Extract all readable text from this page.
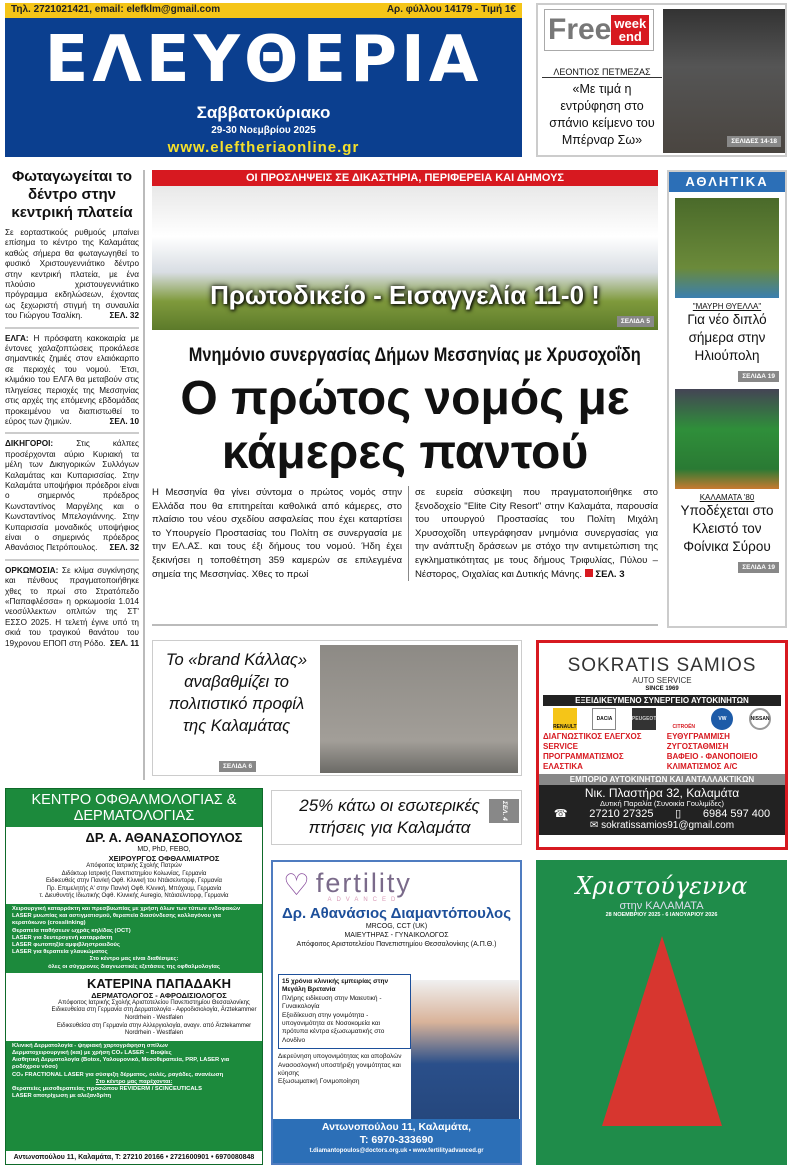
Τηλ. 2721021421, email: elefklm@gmail.com	Αρ. φύλλου 14179 - Τιμή 1€
ΕΛΕΥΘΕΡΙΑ
Σαββατοκύριακο
29-30 Νοεμβρίου 2025
www.eleftheriaonline.gr
Free week
end
ΛΕΟΝΤΙΟΣ ΠΕΤΜΕΖΑΣ
«Με τιμά η εντρύφηση στο σπάνιο κείμενο του Μπέρναρ Σω»	ΣΕΛΙΔΕΣ 14-18
Φωταγωγείται το δέντρο στην κεντρική πλατεία
Σε εορταστικούς ρυθμούς μπαίνει επίσημα το κέντρο της Καλαμάτας καθώς σήμερα θα φωταγωγηθεί το φυσικό Χριστουγεννιάτικο δέντρο στην κεντρική πλατεία, με ένα πλούσιο χριστουγεννιάτικο πρόγραμμα εκδηλώσεων, έχοντας ως ξεχωριστή στιγμή τη συναυλία του Γιώργου Τσαλίκη.	ΣΕΛ. 32
ΕΛΓΑ: Η πρόσφατη κακοκαιρία με έντονες χαλαζοπτώσεις προκάλεσε σημαντικές ζημιές στον ελαιόκαρπο σε περιοχές του νομού. Έτσι, κλιμάκιο του ΕΛΓΑ θα μεταβούν στις πληγείσες περιοχές της Μεσσηνίας στις αρχές της επόμενης εβδομάδας προκειμένου να διαπιστωθεί το εύρος των ζημιών.	ΣΕΛ. 10
ΔΙΚΗΓΟΡΟΙ:	Στις κάλπες προσέρχονται αύριο Κυριακή τα μέλη των Δικηγορικών Συλλόγων Καλαμάτας και Κυπαρισσίας. Στην Καλαμάτα υποψήφιοι πρόεδροι είναι ο σημερινός πρόεδρος Κωνσταντίνος Μαργέλης και ο Κωνσταντίνος Μπελογιάννης. Στην Κυπαρισσία μοναδικός υποψήφιος είναι ο σημερινός πρόεδρος Αθανάσιος Πετρόπουλος. ΣΕΛ. 32
ΟΡΚΩΜΟΣΙΑ: Σε κλίμα συγκίνησης και πένθους πραγματοποιήθηκε χθες το πρωί στο Στρατόπεδο «Παπαφλέσσα» η ορκωμοσία 1.014 νεοσύλλεκτων οπλιτών της ΣΤ' ΕΣΣΟ 2025. Η τελετή έγινε υπό τη σκιά του τραγικού θανάτου του 19χρονου ΕΠΟΠ στη Ρόδο. ΣΕΛ. 11
ΟΙ ΠΡΟΣΛΗΨΕΙΣ ΣΕ ΔΙΚΑΣΤΗΡΙΑ, ΠΕΡΙΦΕΡΕΙΑ ΚΑΙ ΔΗΜΟΥΣ
Πρωτοδικείο - Εισαγγελία 11-0 !
ΣΕΛΙΔΑ 5
Μνημόνιο συνεργασίας Δήμων Μεσσηνίας με Χρυσοχοΐδη
Ο πρώτος νομός με κάμερες παντού
Η Μεσσηνία θα γίνει σύντομα ο πρώτος νομός στην Ελλάδα που θα επιτηρείται καθολικά από κάμερες, στο πλαίσιο του νέου σχεδίου ασφαλείας που έχει καταρτίσει το Υπουργείο Προστασίας του Πολίτη σε συνεργασία με την ΕΛ.ΑΣ. και τους έξι δήμους του νομού. Ήδη έχει ξεκινήσει η τοποθέτηση 359 καμερών σε επιλεγμένα σημεία της Μεσσηνίας. Χθες το πρωί
σε ευρεία σύσκεψη που πραγματοποιήθηκε στο ξενοδοχείο "Elite City Resort" στην Καλαμάτα, παρουσία του υπουργού Προστασίας του Πολίτη Μιχάλη Χρυσοχοΐδη υπεγράφησαν μνημόνια συνεργασίας για την ανάπτυξη δράσεων με στόχο την αντιμετώπιση της εγκληματικότητας με τους δήμους Τριφυλίας, Πύλου – Νέστορος, Οιχαλίας και Δυτικής Μάνης. ΣΕΛ. 3
ΑΘΛΗΤΙΚΑ
"ΜΑΥΡΗ ΘΥΕΛΛΑ"
Για νέο διπλό σήμερα στην Ηλιούπολη
ΣΕΛΙΔΑ 19
ΚΑΛΑΜΑΤΑ '80
Υποδέχεται στο Κλειστό τον Φοίνικα Σύρου
ΣΕΛΙΔΑ 19
Το «brand Κάλλας» αναβαθμίζει το πολιτιστικό προφίλ της Καλαμάτας
ΣΕΛΙΔΑ 6
25% κάτω οι εσωτερικές πτήσεις για Καλαμάτα
ΣΕΛ. 4
SOKRATIS SAMIOS
AUTO SERVICE
SINCE 1969
ΕΞΕΙΔΙΚΕΥΜΕΝΟ ΣΥΝΕΡΓΕΙΟ ΑΥΤΟΚΙΝΗΤΩΝ
RENAULT
DACIA	PEUGEOT
CITROËN
VW	NISSAN
ΔΙΑΓΝΩΣΤΙΚΟΣ ΕΛΕΓΧΟΣ
SERVICE
ΠΡΟΓΡΑΜΜΑΤΙΣΜΟΣ
ΕΛΑΣΤΙΚΑ
ΕΥΘΥΓΡΑΜΜΙΣΗ
ΖΥΓΟΣΤΑΘΜΙΣΗ
ΒΑΦΕΙΟ - ΦΑΝΟΠΟΙΕΙΟ
ΚΛΙΜΑΤΙΣΜΟΣ A/C
ΕΜΠΟΡΙΟ ΑΥΤΟΚΙΝΗΤΩΝ ΚΑΙ ΑΝΤΑΛΛΑΚΤΙΚΩΝ
Νικ. Πλαστήρα 32, Καλαμάτα
Δυτική Παραλία (Συνοικία Γουλιμίδες)
☎ 27210 27325 ▯ 6984 597 400
✉ sokratissamios91@gmail.com
ΚΕΝΤΡΟ ΟΦΘΑΛΜΟΛΟΓΙΑΣ & ΔΕΡΜΑΤΟΛΟΓΙΑΣ
ΔΡ. Α. ΑΘΑΝΑΣΟΠΟΥΛΟΣ
MD, PhD, FEBO,
ΧΕΙΡΟΥΡΓΟΣ ΟΦΘΑΛΜΙΑΤΡΟΣ
Απόφοιτος Ιατρικής Σχολής Πατρών
Διδάκτωρ Ιατρικής Πανεπιστημίου Κολωνίας, Γερμανία
Ειδικευθείς στην Παν/κή Οφθ. Κλινική του Ντάισελντορφ, Γερμανία
Πρ. Επιμελητής Α' στην Παν/κή Οφθ. Κλινική, Μπόχουμ, Γερμανία
τ. Διευθυντής Ιδιωτικής Οφθ. Κλινικής Auregio, Ντάισελντορφ, Γερμανία
Χειρουργική καταρράκτη και πρεσβυωπίας με χρήση όλων των τύπων ενδοφακών
LASER μυωπίας και αστιγματισμού, θεραπεία διασύνδεσης κολλαγόνου για κερατόκωνο (crosslinking)
Θεραπεία παθήσεων ωχράς κηλίδας (OCT)
LASER για δευτερογενή καταρράκτη
LASER φωτοπηξία αμφιβληστροειδούς
LASER για θεραπεία γλαυκώματος
Στο κέντρο μας είναι διαθέσιμες:
όλες οι σύγχρονες διαγνωστικές εξετάσεις της οφθαλμολογίας
ΚΑΤΕΡΙΝΑ ΠΑΠΑΔΑΚΗ
ΔΕΡΜΑΤΟΛΟΓΟΣ - ΑΦΡΟΔΙΣΙΟΛΟΓΟΣ
Απόφοιτος Ιατρικής Σχολής Αριστοτελείου Πανεπιστημίου Θεσσαλονίκης
Ειδικευθείσα στη Γερμανία στη Δερματολογία - Αφροδισιολογία, Ärztekammer Nordrhein - Westfalen
Ειδικευθείσα στη Γερμανία στην Αλλεργιολογία, αναγν. από Ärztekammer Nordrhein - Westfalen
Κλινική Δερματολογία - ψηφιακή χαρτογράφηση σπίλων
Δερματοχειρουργική (και) με χρήση CO₂ LASER – Βιοψίες
Αισθητική Δερματολογία (Botox, Υαλουρονικό, Μεσοθεραπεία, PRP, LASER για ροδόχρου νόσο)
CO₂ FRACTIONAL LASER για σύσφιξη δέρματος, ουλές, ραγάδες, ανανέωση
Στο κέντρο μας παρέχονται:
Θεραπείες μεσοθεραπείας προσώπου REVIDERM / SCINCEUTICALS
LASER αποτρίχωση με αλεξανδρίτη
Αντωνοπούλου 11, Καλαμάτα, Τ: 27210 20166 • 2721600901 • 6970080848
♡ fertility
ADVANCED
Δρ. Αθανάσιος Διαμαντόπουλος
MRCOG, CCT (UK)
ΜΑΙΕΥΤΗΡΑΣ - ΓΥΝΑΙΚΟΛΟΓΟΣ
Απόφοιτος Αριστοτελείου Πανεπιστημίου Θεσσαλονίκης (Α.Π.Θ.)
15 χρόνια κλινικής εμπειρίας στην Μεγάλη Βρετανία
Πλήρης ειδίκευση στην Μαιευτική - Γυναικολογία
Εξειδίκευση στην γονιμότητα - υπογονιμότητα σε Νοσοκομεία και πρότυπα κέντρα εξωσωματικής στο Λονδίνο
Διερεύνηση υπογονιμότητας και αποβολών
Ανασοσλογική υποστήριξη γονιμότητας και κύησης
Εξωσωματική Γονιμοποίηση
Αντωνοπούλου 11, Καλαμάτα,
Τ: 6970-333690
t.diamantopoulos@doctors.org.uk • www.fertilityadvanced.gr
Χριστούγεννα
στην ΚΑΛΑΜΑΤΑ
28 ΝΟΕΜΒΡΙΟΥ 2025 - 6 ΙΑΝΟΥΑΡΙΟΥ 2026
